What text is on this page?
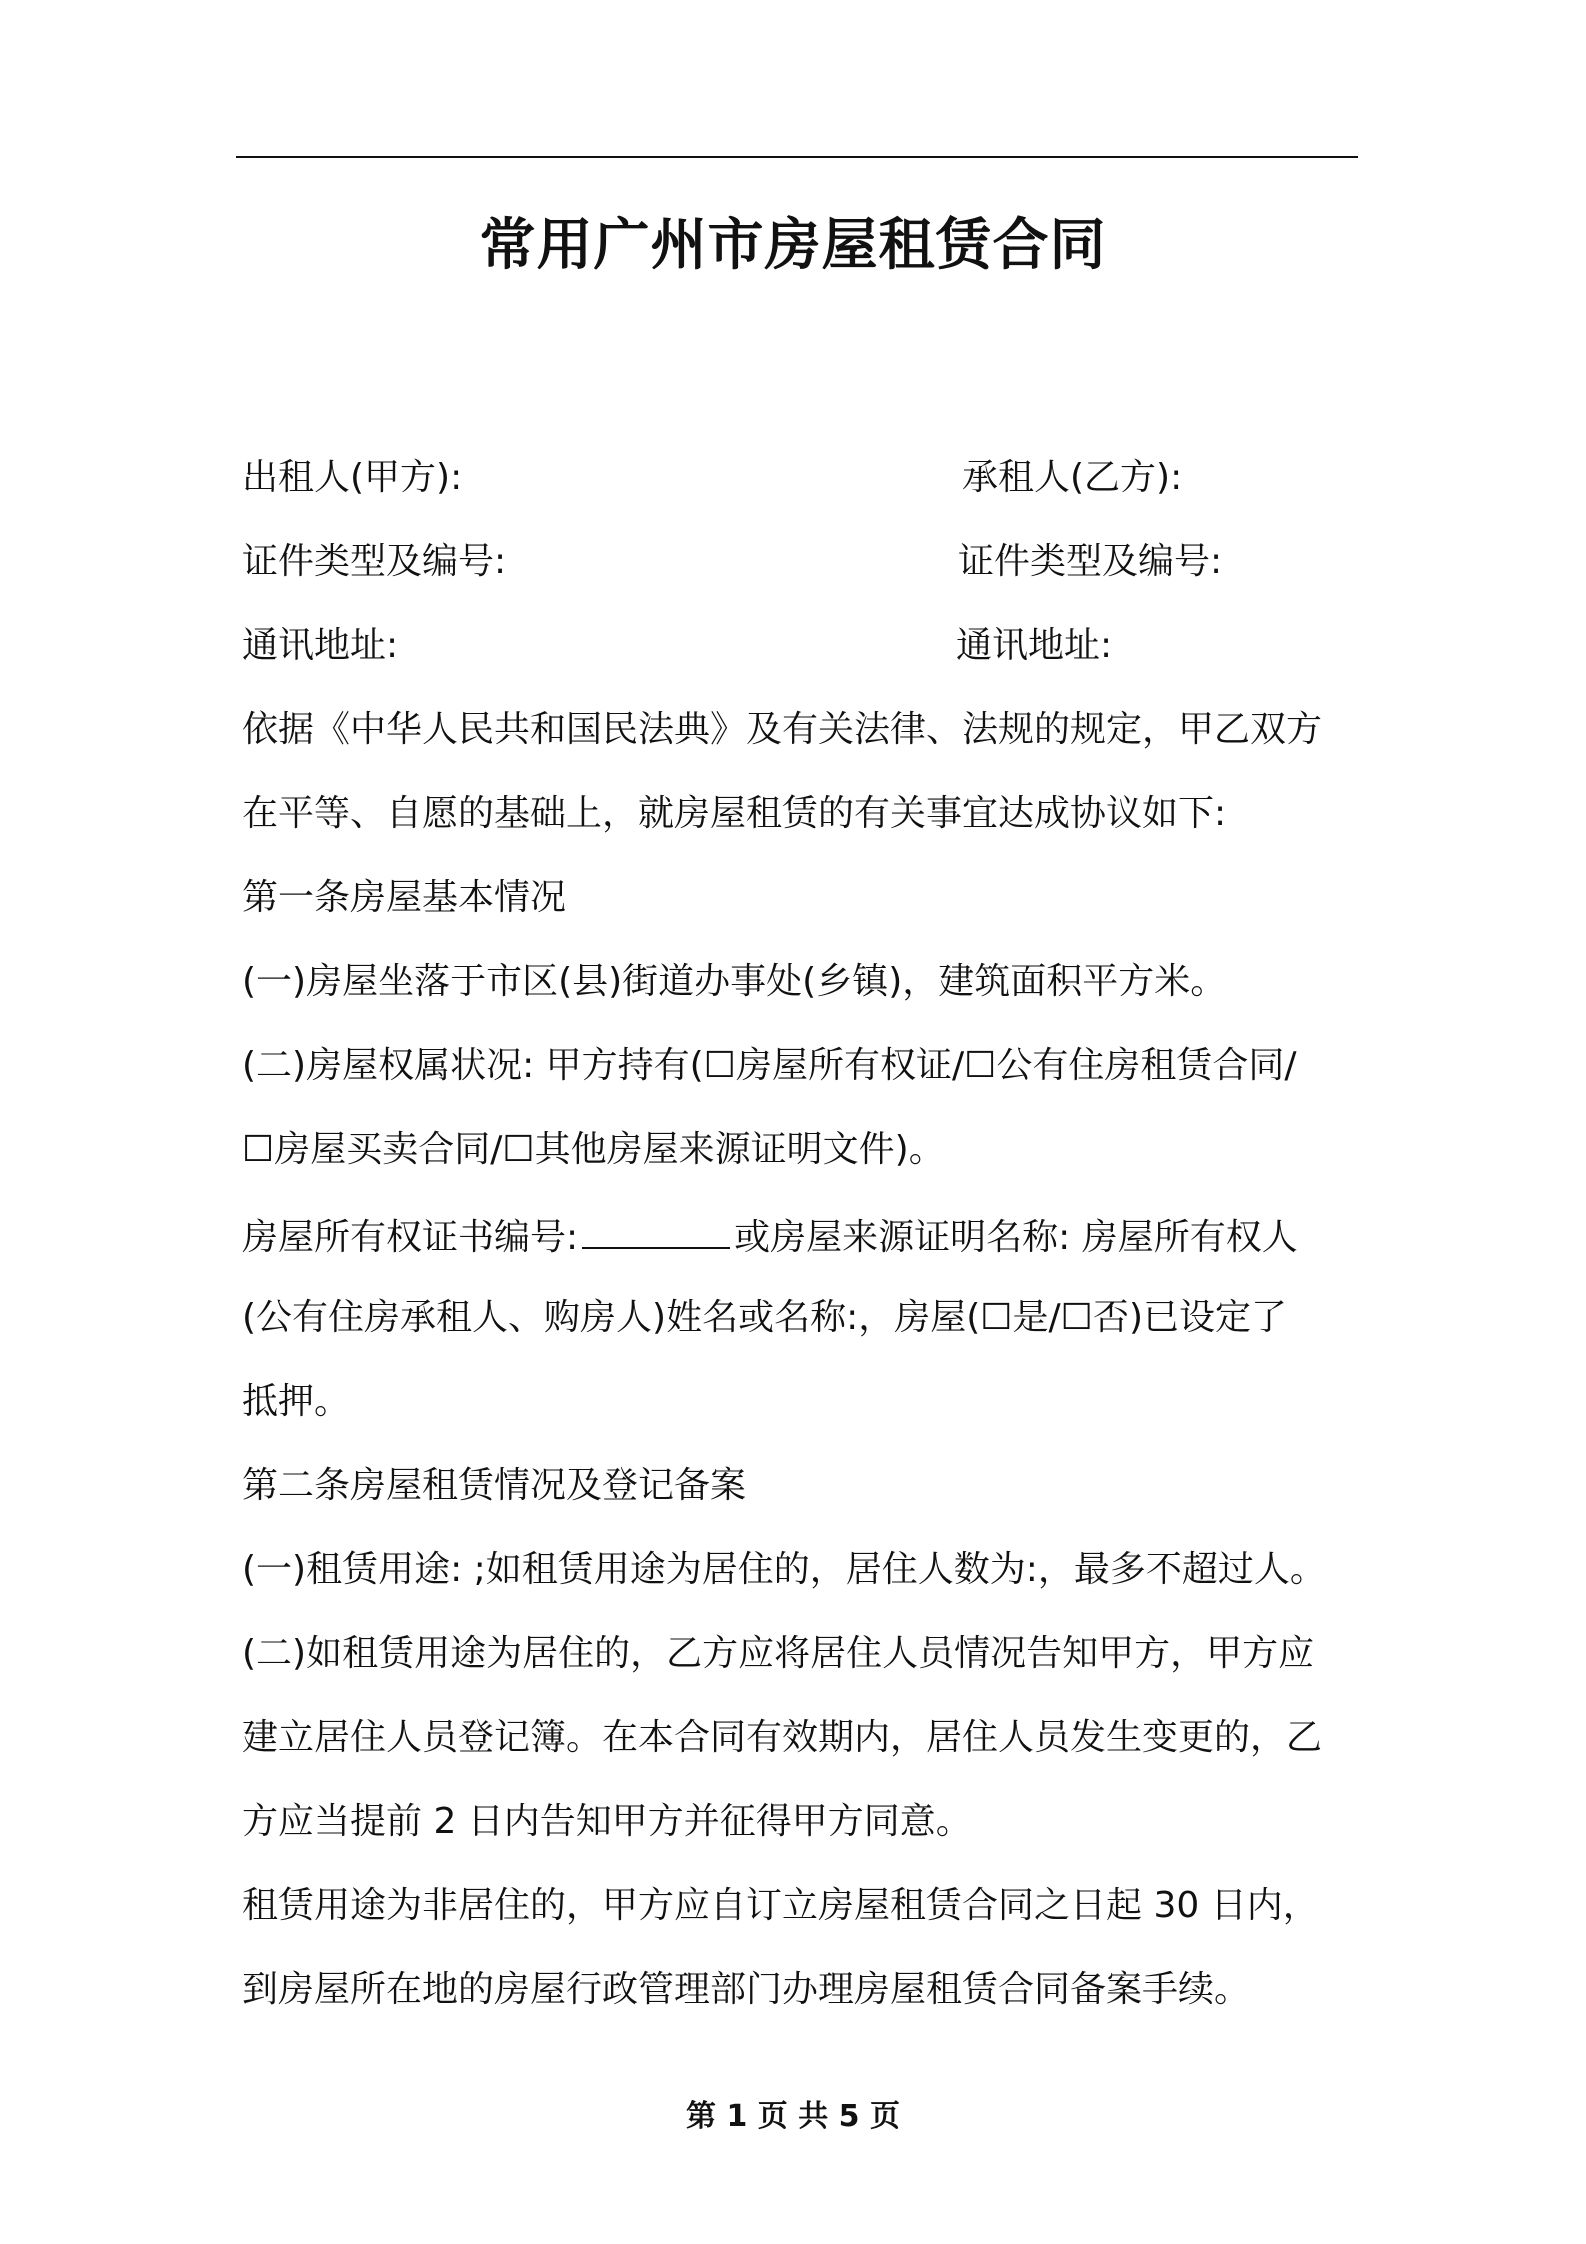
常用广州市房屋租赁合同
出租人(甲方):	承租人(乙方):
证件类型及编号:	证件类型及编号:
通讯地址:	通讯地址:
依据《中华人民共和国民法典》及有关法律、法规的规定，甲乙双方
在平等、自愿的基础上，就房屋租赁的有关事宜达成协议如下:
第一条房屋基本情况
(一)房屋坐落于市区(县)街道办事处(乡镇)，建筑面积平方米。
(二)房屋权属状况: 甲方持有(☐房屋所有权证/☐公有住房租赁合同/
☐房屋买卖合同/☐其他房屋来源证明文件)。
房屋所有权证书编号:	或房屋来源证明名称: 房屋所有权人
(公有住房承租人、购房人)姓名或名称:，房屋(☐是/☐否)已设定了
抵押。
第二条房屋租赁情况及登记备案
(一)租赁用途: ;如租赁用途为居住的，居住人数为:，最多不超过人。
(二)如租赁用途为居住的，乙方应将居住人员情况告知甲方，甲方应
建立居住人员登记簿。在本合同有效期内，居住人员发生变更的，乙
方应当提前 2 日内告知甲方并征得甲方同意。
租赁用途为非居住的，甲方应自订立房屋租赁合同之日起 30 日内，
到房屋所在地的房屋行政管理部门办理房屋租赁合同备案手续。
第 1 页 共 5 页
